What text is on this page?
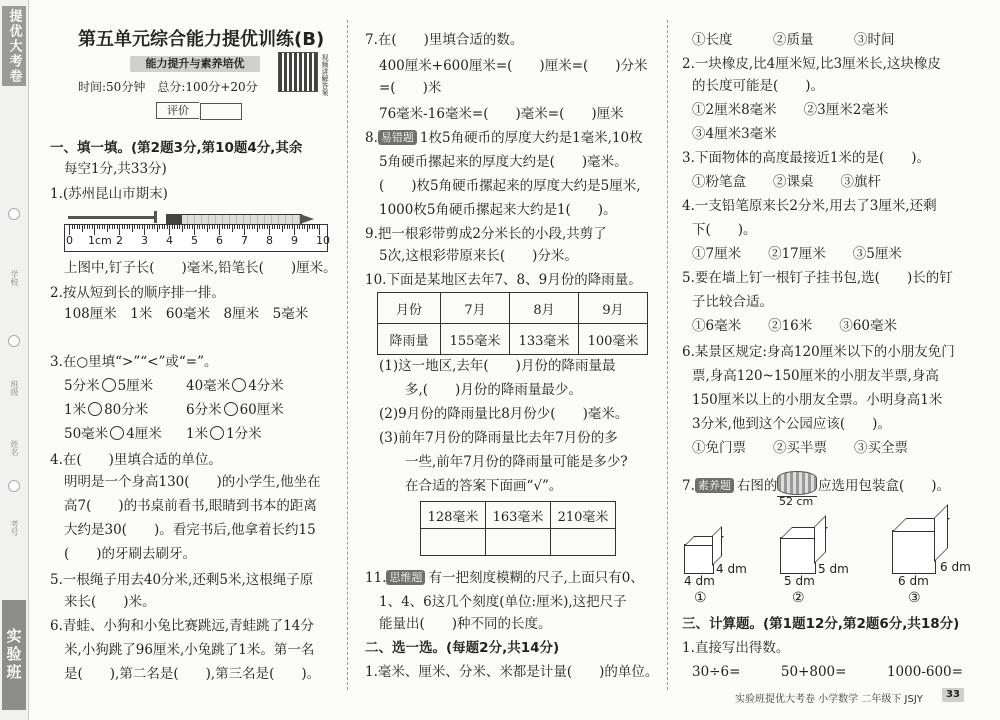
提优大考卷
学校
班级
姓名
考号
实验班
第五单元综合能力提优训练(B)
能力提升与素养培优	视频讲解答案
时间:50分钟　总分:100分+20分
评价
一、填一填。(第2题3分,第10题4分,其余
每空1分,共33分)
1.(苏州昆山市期末)
0 1cm 2 3 4 5 6 7 8 9 10
上图中,钉子长(　　)毫米,铅笔长(　　)厘米。
2.按从短到长的顺序排一排。
108厘米　1米　60毫米　8厘米　5毫米
3.在○里填“>”“<”或“=”。
5分米 5厘米 40毫米 4分米
1米 80分米	6分米 60厘米
50毫米 4厘米 1米 1分米
4.在(　　)里填合适的单位。
明明是一个身高130(　　)的小学生,他坐在
高7(　　)的书桌前看书,眼睛到书本的距离
大约是30(　　)。看完书后,他拿着长约15
(　　)的牙刷去刷牙。
5.一根绳子用去40分米,还剩5米,这根绳子原
来长(　　)米。
6.青蛙、小狗和小兔比赛跳远,青蛙跳了14分
米,小狗跳了96厘米,小兔跳了1米。第一名
是(　　),第二名是(　　),第三名是(　　)。
7.在(　　)里填合适的数。
400厘米+600厘米=(　　)厘米=(　　)分米
=(　　)米
76毫米-16毫米=(　　)毫米=(　　)厘米
8. 易错题 1枚5角硬币的厚度大约是1毫米,10枚
5角硬币摞起来的厚度大约是(　　)毫米。
(　　)枚5角硬币摞起来的厚度大约是5厘米,
1000枚5角硬币摞起来大约是1(　　)。
9.把一根彩带剪成2分米长的小段,共剪了
5次,这根彩带原来长(　　)分米。
10.下面是某地区去年7、8、9月份的降雨量。
月份	7月	8月	9月
降雨量	155毫米	133毫米	100毫米
(1)这一地区,去年(　　)月份的降雨量最
多,(　　)月份的降雨量最少。
(2)9月份的降雨量比8月份少(　　)毫米。
(3)前年7月份的降雨量比去年7月份的多
一些,前年7月份的降雨量可能是多少?
在合适的答案下面画“√”。
128毫米	163毫米	210毫米

11. 思维题 有一把刻度模糊的尺子,上面只有0、
1、4、6这几个刻度(单位:厘米),这把尺子
能量出(　　)种不同的长度。
二、选一选。(每题2分,共14分)
1.毫米、厘米、分米、米都是计量(　　)的单位。
①长度　　　②质量　　　③时间
2.一块橡皮,比4厘米短,比3厘米长,这块橡皮
的长度可能是(　　)。
①2厘米8毫米　　②3厘米2毫米
③4厘米3毫米
3.下面物体的高度最接近1米的是(　　)。
①粉笔盒　　②课桌　　③旗杆
4.一支铅笔原来长2分米,用去了3厘米,还剩
下(　　)。
①7厘米　　②17厘米　　③5厘米
5.要在墙上钉一根钉子挂书包,选(　　)长的钉
子比较合适。
①6毫米　　②16米　　③60毫米
6.某景区规定:身高120厘米以下的小朋友免门
票,身高120~150厘米的小朋友半票,身高
150厘米以上的小朋友全票。小明身高1米
3分米,他到这个公园应该(　　)。
①免门票　　②买半票　　③买全票
7. 素养题 右图的
52 cm
应选用包装盒(　　)。
4 dm
4 dm
①
5 dm
5 dm
②
6 dm
6 dm
③
三、计算题。(第1题12分,第2题6分,共18分)
1.直接写出得数。
30÷6=　　　50+800=　　　1000-600=
实验班提优大考卷 小学数学 二年级下 JSJY	33
